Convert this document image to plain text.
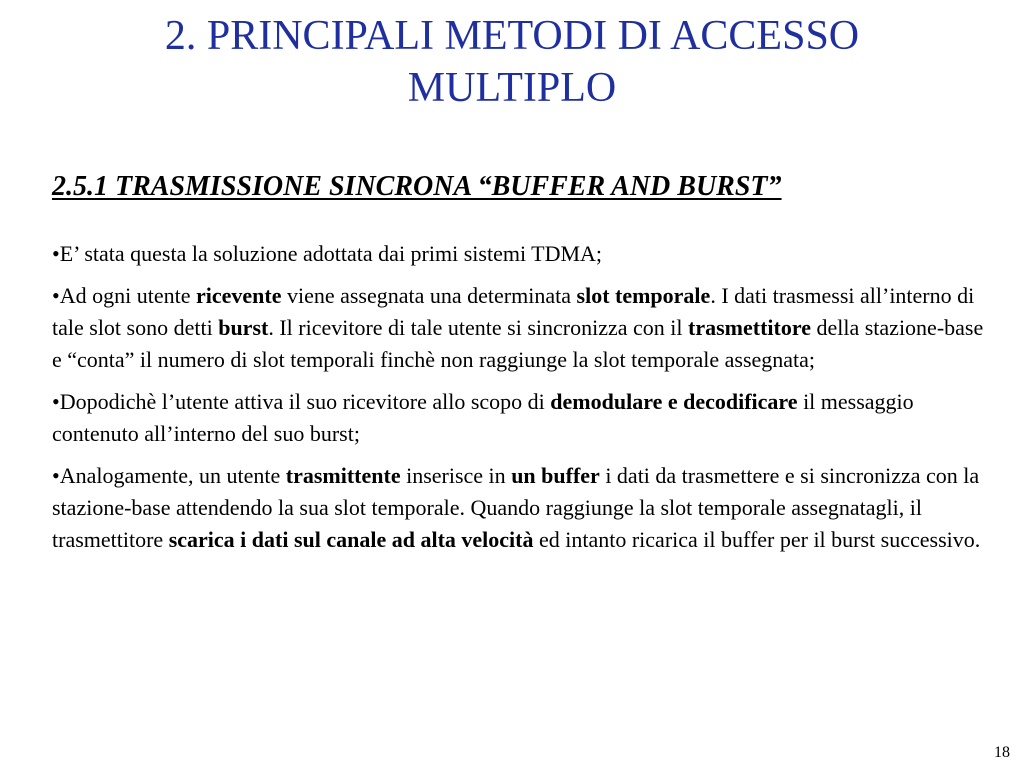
2. PRINCIPALI METODI DI ACCESSO
MULTIPLO
2.5.1 TRASMISSIONE SINCRONA “BUFFER AND BURST”
•E’ stata questa la soluzione adottata dai primi sistemi TDMA;
•Ad ogni utente ricevente viene assegnata una determinata slot temporale. I dati trasmessi all’interno di tale slot sono detti burst. Il ricevitore di tale utente si sincronizza con il trasmettitore della stazione-base e “conta” il numero di slot temporali finchè non raggiunge la slot temporale assegnata;
•Dopodichè l’utente attiva il suo ricevitore allo scopo di demodulare e decodificare il messaggio contenuto all’interno del suo burst;
•Analogamente, un utente trasmittente inserisce in un buffer i dati da trasmettere e si sincronizza con la stazione-base attendendo la sua slot temporale. Quando raggiunge la slot temporale assegnatagli, il trasmettitore scarica i dati sul canale ad alta velocità ed intanto ricarica il buffer per il burst successivo.
18
